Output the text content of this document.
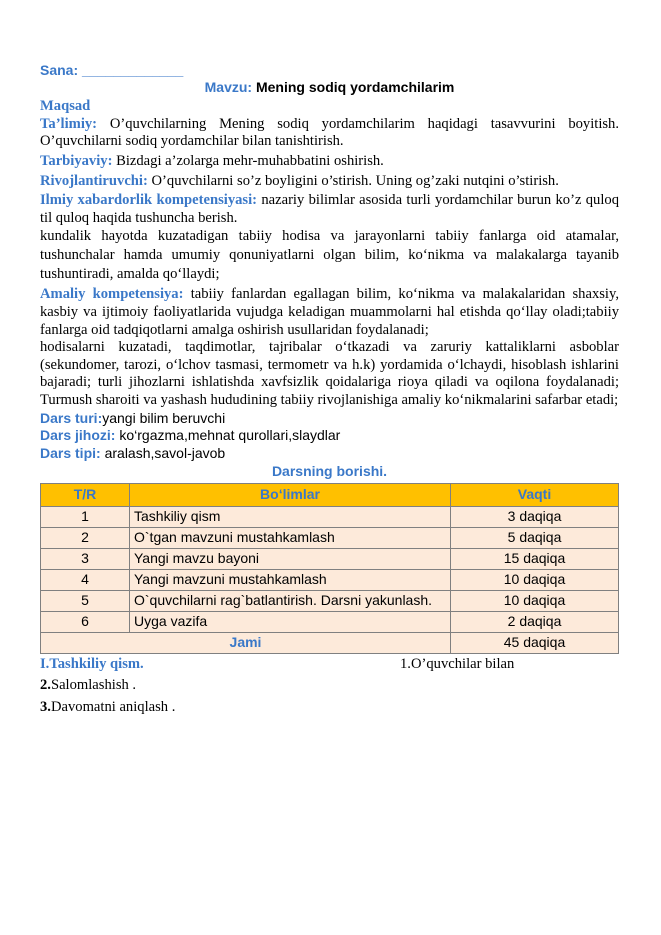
Sana: _____________

Mavzu: Mening sodiq yordamchilarim

Maqsad

Ta’limiy: O’quvchilarning Mening sodiq yordamchilarim haqidagi tasavvurini boyitish. O’quvchilarni sodiq yordamchilar bilan tanishtirish.

Tarbiyaviy: Bizdagi a’zolarga mehr-muhabbatini oshirish.

Rivojlantiruvchi: O’quvchilarni so’z boyligini o’stirish. Uning og’zaki nutqini o’stirish.

Ilmiy xabardorlik kompetensiyasi: nazariy bilimlar asosida turli yordamchilar burun ko’z quloq til quloq haqida tushuncha berish.

kundalik hayotda kuzatadigan tabiiy hodisa va jarayonlarni tabiiy fanlarga oid atamalar, tushunchalar hamda umumiy qonuniyatlarni olgan bilim, ko‘nikma va malakalarga tayanib tushuntiradi, amalda qo‘llaydi;

Amaliy kompetensiya: tabiiy fanlardan egallagan bilim, ko‘nikma va malakalaridan shaxsiy, kasbiy va ijtimoiy faoliyatlarida vujudga keladigan muammolarni hal etishda qo‘llay oladi;tabiiy fanlarga oid tadqiqotlarni amalga oshirish usullaridan foydalanadi;

hodisalarni kuzatadi, taqdimotlar, tajribalar o‘tkazadi va zaruriy kattaliklarni asboblar (sekundomer, tarozi, o‘lchov tasmasi, termometr va h.k) yordamida o‘lchaydi, hisoblash ishlarini bajaradi; turli jihozlarni ishlatishda xavfsizlik qoidalariga rioya qiladi va oqilona foydalanadi; Turmush sharoiti va yashash hududining tabiiy rivojlanishiga amaliy ko‘nikmalarini safarbar etadi;

Dars turi:yangi bilim beruvchi

Dars jihozi: ko‘rgazma,mehnat qurollari,slaydlar

Dars tipi: aralash,savol-javob

Darsning borishi.

T/R	Bo‘limlar	Vaqti
1	Tashkiliy qism	3 daqiqa
2	O`tgan mavzuni mustahkamlash	5 daqiqa
3	Yangi mavzu bayoni	15 daqiqa
4	Yangi mavzuni mustahkamlash	10 daqiqa
5	O`quvchilarni rag`batlantirish. Darsni yakunlash.	10 daqiqa
6	Uyga vazifa	2 daqiqa
Jami		45 daqiqa
I.Tashkiliy qism.	1.O’quvchilar bilan

2.Salomlashish .

3.Davomatni aniqlash .
